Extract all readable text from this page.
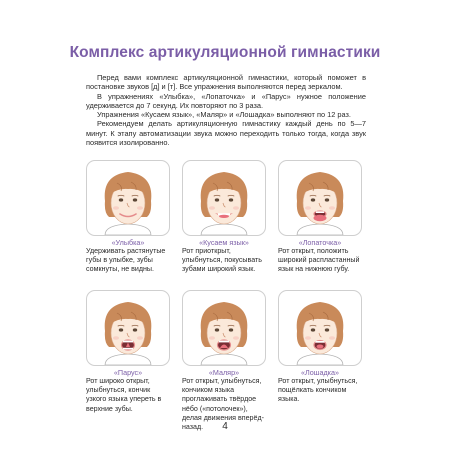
Комплекс артикуляционной гимнастики

Перед вами комплекс артикуляционной гимнастики, который поможет в постановке звуков [д] и [т]. Все упражнения выполняются перед зеркалом.

В упражнениях «Улыбка», «Лопаточка» и «Парус» нужное положение удерживается до 7 секунд. Их повторяют по 3 раза.

Упражнения «Кусаем язык», «Маляр» и «Лошадка» выполняют по 12 раз.

Рекомендуем делать артикуляционную гимнастику каждый день по 5—7 минут. К этапу автоматизации звука можно переходить только тогда, когда звук появится изолированно.

«Улыбка»
Удерживать растянутые губы в улыбке, зубы сомкнуты, не видны.
«Кусаем язык»
Рот приоткрыт, улыбнуться, покусывать зубами широкий язык.
«Лопаточка»
Рот открыт, положить широкий распластанный язык на нижнюю губу.
«Парус»
Рот широко открыт, улыбнуться, кончик узкого языка упереть в верхние зубы.
«Маляр»
Рот открыт, улыбнуться, кончиком языка проглаживать твёрдое нёбо («потолочек»), делая движения вперёд-назад.
«Лошадка»
Рот открыт, улыбнуться, пощёлкать кончиком языка.
4
